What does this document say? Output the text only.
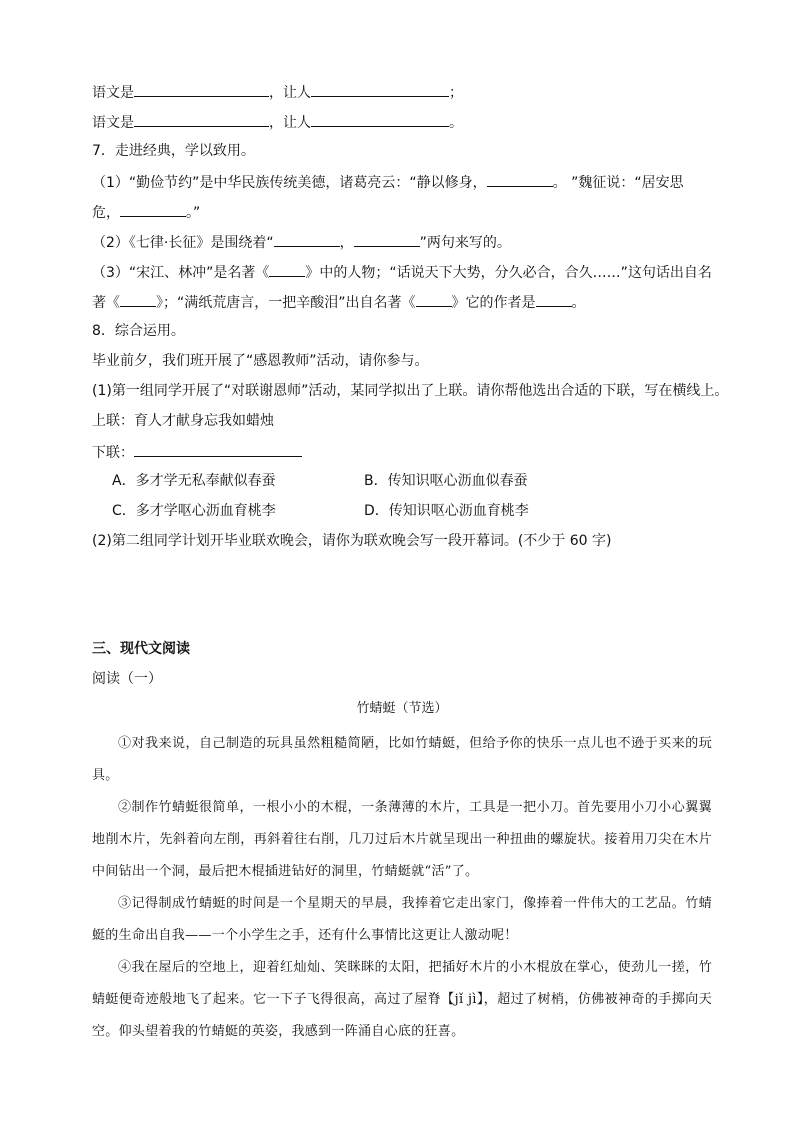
语文是	，让人	；
语文是	，让人	。
7．走进经典，学以致用。
（1）“勤俭节约”是中华民族传统美德，诸葛亮云：“静以修身，	。 ”魏征说：“居安思
危，	。”
（2）《七律·长征》是围绕着“	，	”两句来写的。
（3）“宋江、林冲”是名著《	》中的人物；“话说天下大势，分久必合，合久……”这句话出自名
著《	》；“满纸荒唐言，一把辛酸泪”出自名著《	》它的作者是	。
8．综合运用。
毕业前夕，我们班开展了“感恩教师”活动，请你参与。
(1)第一组同学开展了“对联谢恩师”活动，某同学拟出了上联。请你帮他选出合适的下联，写在横线上。
上联：育人才献身忘我如蜡烛
下联：
A．多才学无私奉献似春蚕	B．传知识呕心沥血似春蚕
C．多才学呕心沥血育桃李	D．传知识呕心沥血育桃李
(2)第二组同学计划开毕业联欢晚会，请你为联欢晚会写一段开幕词。(不少于 60 字)
三、现代文阅读
阅读（一）
竹蜻蜓（节选）

①对我来说，自己制造的玩具虽然粗糙简陋，比如竹蜻蜓，但给予你的快乐一点儿也不逊于买来的玩具。

②制作竹蜻蜓很简单，一根小小的木棍，一条薄薄的木片，工具是一把小刀。首先要用小刀小心翼翼地削木片，先斜着向左削，再斜着往右削，几刀过后木片就呈现出一种扭曲的螺旋状。接着用刀尖在木片中间钻出一个洞，最后把木棍插进钻好的洞里，竹蜻蜓就“活”了。

③记得制成竹蜻蜓的时间是一个星期天的早晨，我捧着它走出家门，像捧着一件伟大的工艺品。竹蜻蜓的生命出自我——一个小学生之手，还有什么事情比这更让人激动呢！

④我在屋后的空地上，迎着红灿灿、笑眯眯的太阳，把插好木片的小木棍放在掌心，使劲儿一搓，竹蜻蜓便奇迹般地飞了起来。它一下子飞得很高，高过了屋脊【jǐ jì】，超过了树梢，仿佛被神奇的手掷向天空。仰头望着我的竹蜻蜓的英姿，我感到一阵涌自心底的狂喜。
